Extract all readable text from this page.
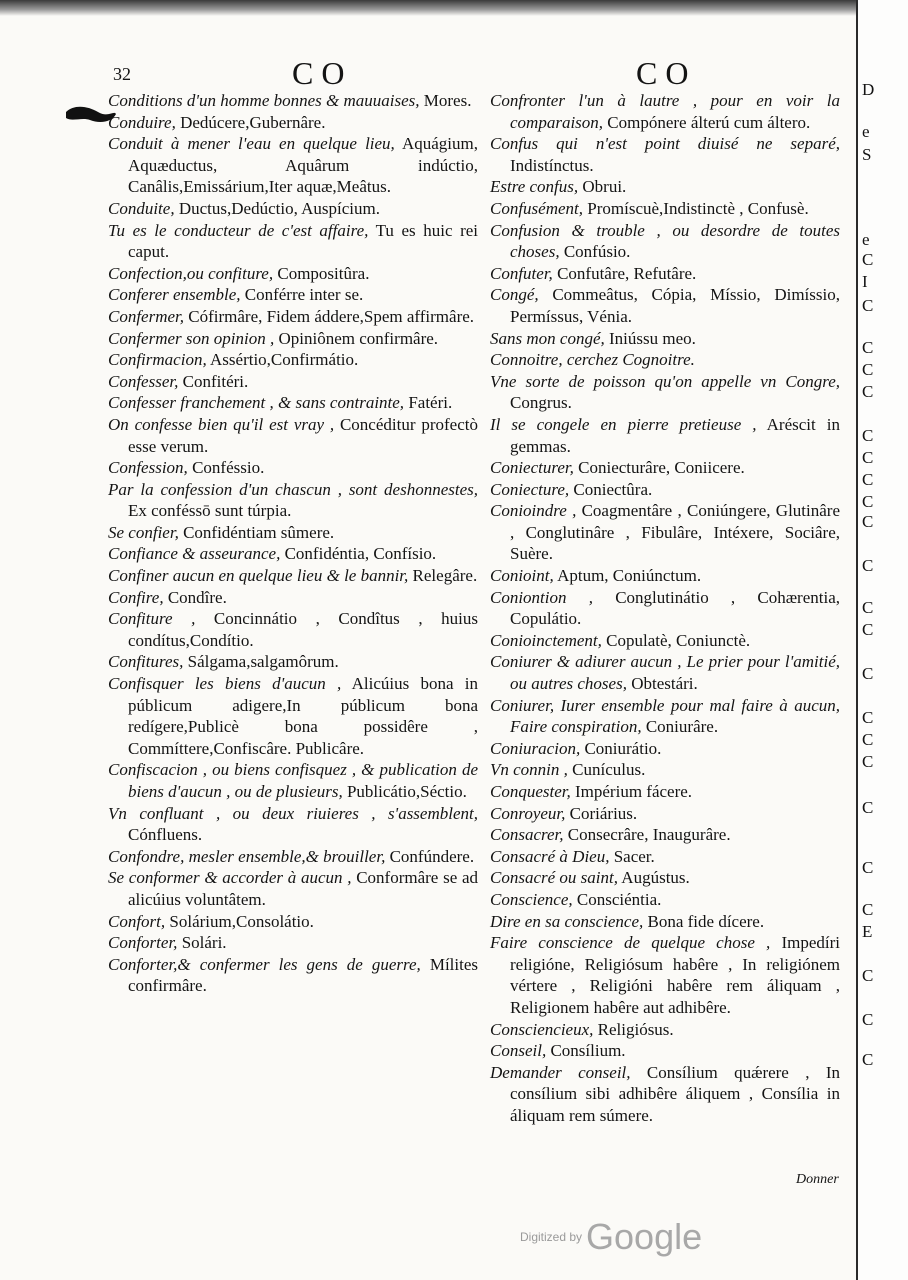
32	CO	CO

Conditions d'un homme bonnes & mauuaises, Mores.

Conduire, Dedúcere,Gubernâre.

Conduit à mener l'eau en quelque lieu, Aquágium, Aquæductus, Aquârum indúctio, Canâlis,Emissárium,Iter aquæ,Meâtus.

Conduite, Ductus,Dedúctio, Auspícium.

Tu es le conducteur de c'est affaire, Tu es huic rei caput.

Confection,ou confiture, Compositûra.

Conferer ensemble, Conférre inter se.

Confermer, Cófirmâre, Fidem áddere,Spem affirmâre.

Confermer son opinion , Opiniônem confirmâre.

Confirmacion, Assértio,Confirmátio.

Confesser, Confitéri.

Confesser franchement , & sans contrainte, Fatéri.

On confesse bien qu'il est vray , Concéditur profectò esse verum.

Confession, Conféssio.

Par la confession d'un chascun , sont deshonnestes, Ex conféssō sunt túrpia.

Se confier, Confidéntiam sûmere.

Confiance & asseurance, Confidéntia, Confísio.

Confiner aucun en quelque lieu & le bannir, Relegâre.

Confire, Condîre.

Confiture , Concinnátio , Condîtus , huius condítus,Condítio.

Confitures, Sálgama,salgamôrum.

Confisquer les biens d'aucun , Alicúius bona in públicum adigere,In públicum bona redígere,Publicè bona possidêre , Commíttere,Confiscâre. Publicâre.

Confiscacion , ou biens confisquez , & publication de biens d'aucun , ou de plusieurs, Publicátio,Séctio.

Vn confluant , ou deux riuieres , s'assemblent, Cónfluens.

Confondre, mesler ensemble,& brouiller, Confúndere.

Se conformer & accorder à aucun , Conformâre se ad alicúius voluntâtem.

Confort, Solárium,Consolátio.

Conforter, Solári.

Conforter,& confermer les gens de guerre, Mílites confirmâre.

Confronter l'un à lautre , pour en voir la comparaison, Compónere álterú cum áltero.

Confus qui n'est point diuisé ne separé, Indistínctus.

Estre confus, Obrui.

Confusément, Promíscuè,Indistinctè , Confusè.

Confusion & trouble , ou desordre de toutes choses, Confúsio.

Confuter, Confutâre, Refutâre.

Congé, Commeâtus, Cópia, Míssio, Dimíssio, Permíssus, Vénia.

Sans mon congé, Iniússu meo.

Connoitre, cerchez Cognoitre.

Vne sorte de poisson qu'on appelle vn Congre, Congrus.

Il se congele en pierre pretieuse , Aréscit in gemmas.

Coniecturer, Coniecturâre, Coniicere.

Coniecture, Coniectûra.

Conioindre , Coagmentâre , Coniúngere, Glutinâre , Conglutinâre , Fibulâre, Intéxere, Sociâre, Suère.

Conioint, Aptum, Coniúnctum.

Coniontion , Conglutinátio , Cohærentia, Copulátio.

Conioinctement, Copulatè, Coniunctè.

Coniurer & adiurer aucun , Le prier pour l'amitié, ou autres choses, Obtestári.

Coniurer, Iurer ensemble pour mal faire à aucun, Faire conspiration, Coniurâre.

Coniuracion, Coniurátio.

Vn connin , Cunículus.

Conquester, Impérium fácere.

Conroyeur, Coriárius.

Consacrer, Consecrâre, Inaugurâre.

Consacré à Dieu, Sacer.

Consacré ou saint, Augústus.

Conscience, Consciéntia.

Dire en sa conscience, Bona fide dícere.

Faire conscience de quelque chose , Impedíri religióne, Religiósum habêre , In religiónem vértere , Religióni habêre rem áliquam , Religionem habêre aut adhibêre.

Consciencieux, Religiósus.

Conseil, Consílium.

Demander conseil, Consílium quǽrere , In consílium sibi adhibêre áliquem , Consília in áliquam rem súmere.

Donner
D
e
S
e
C
I
C
C
C
C
C
C
C
C
C
C
C
C
C
C
C
C
C
C
C
E
C
C
C
Digitized by Google
